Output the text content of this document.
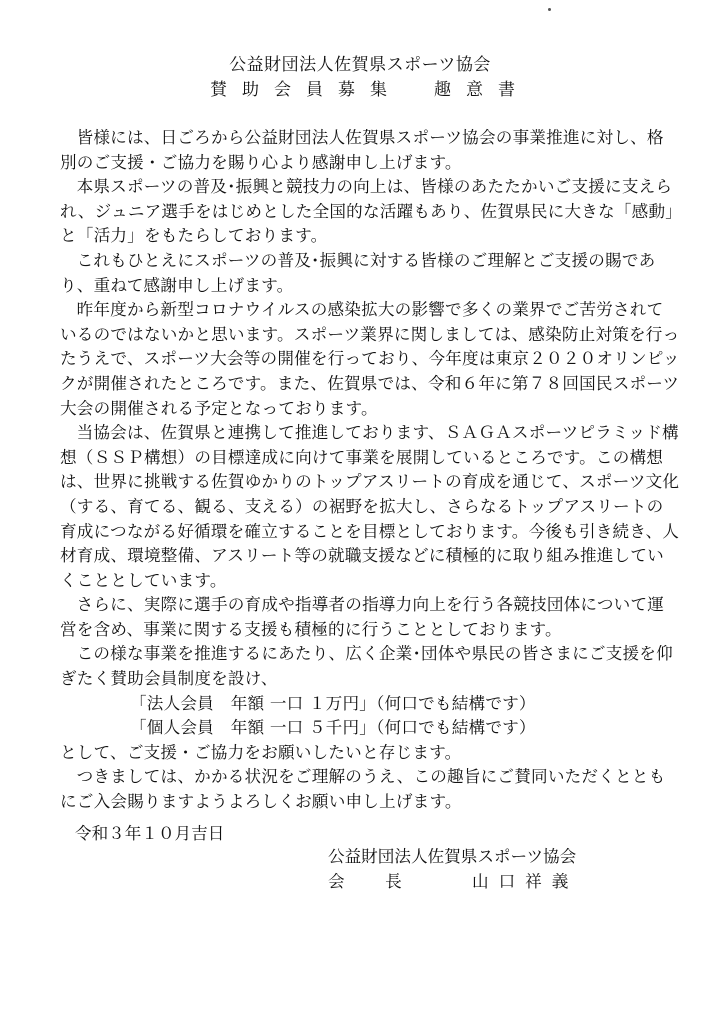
公益財団法人佐賀県スポーツ協会
賛助会員募集　趣意書

皆様には、日ごろから公益財団法人佐賀県スポーツ協会の事業推進に対し、格別のご支援・ご協力を賜り心より感謝申し上げます。

本県スポーツの普及･振興と競技力の向上は、皆様のあたたかいご支援に支えられ、ジュニア選手をはじめとした全国的な活躍もあり、佐賀県民に大きな「感動」と「活力」をもたらしております。

これもひとえにスポーツの普及･振興に対する皆様のご理解とご支援の賜であり、重ねて感謝申し上げます。

昨年度から新型コロナウイルスの感染拡大の影響で多くの業界でご苦労されているのではないかと思います。スポーツ業界に関しましては、感染防止対策を行ったうえで、スポーツ大会等の開催を行っており、今年度は東京２０２０オリンピックが開催されたところです。また、佐賀県では、令和６年に第７８回国民スポーツ大会の開催される予定となっております。

当協会は、佐賀県と連携して推進しております、ＳＡＧＡスポーツピラミッド構想（ＳＳＰ構想）の目標達成に向けて事業を展開しているところです。この構想は、世界に挑戦する佐賀ゆかりのトップアスリートの育成を通じて、スポーツ文化（する、育てる、観る、支える）の裾野を拡大し、さらなるトップアスリートの育成につながる好循環を確立することを目標としております。今後も引き続き、人材育成、環境整備、アスリート等の就職支援などに積極的に取り組み推進していくこととしています。

さらに、実際に選手の育成や指導者の指導力向上を行う各競技団体について運営を含め、事業に関する支援も積極的に行うこととしております。

この様な事業を推進するにあたり、広く企業･団体や県民の皆さまにご支援を仰ぎたく賛助会員制度を設け、

「法人会員　年額 一口 １万円」（何口でも結構です）

「個人会員　年額 一口 ５千円」（何口でも結構です）

として、ご支援・ご協力をお願いしたいと存じます。

つきましては、かかる状況をご理解のうえ、この趣旨にご賛同いただくとともにご入会賜りますようよろしくお願い申し上げます。

令和３年１０月吉日
公益財団法人佐賀県スポーツ協会
会　長	山口祥義
